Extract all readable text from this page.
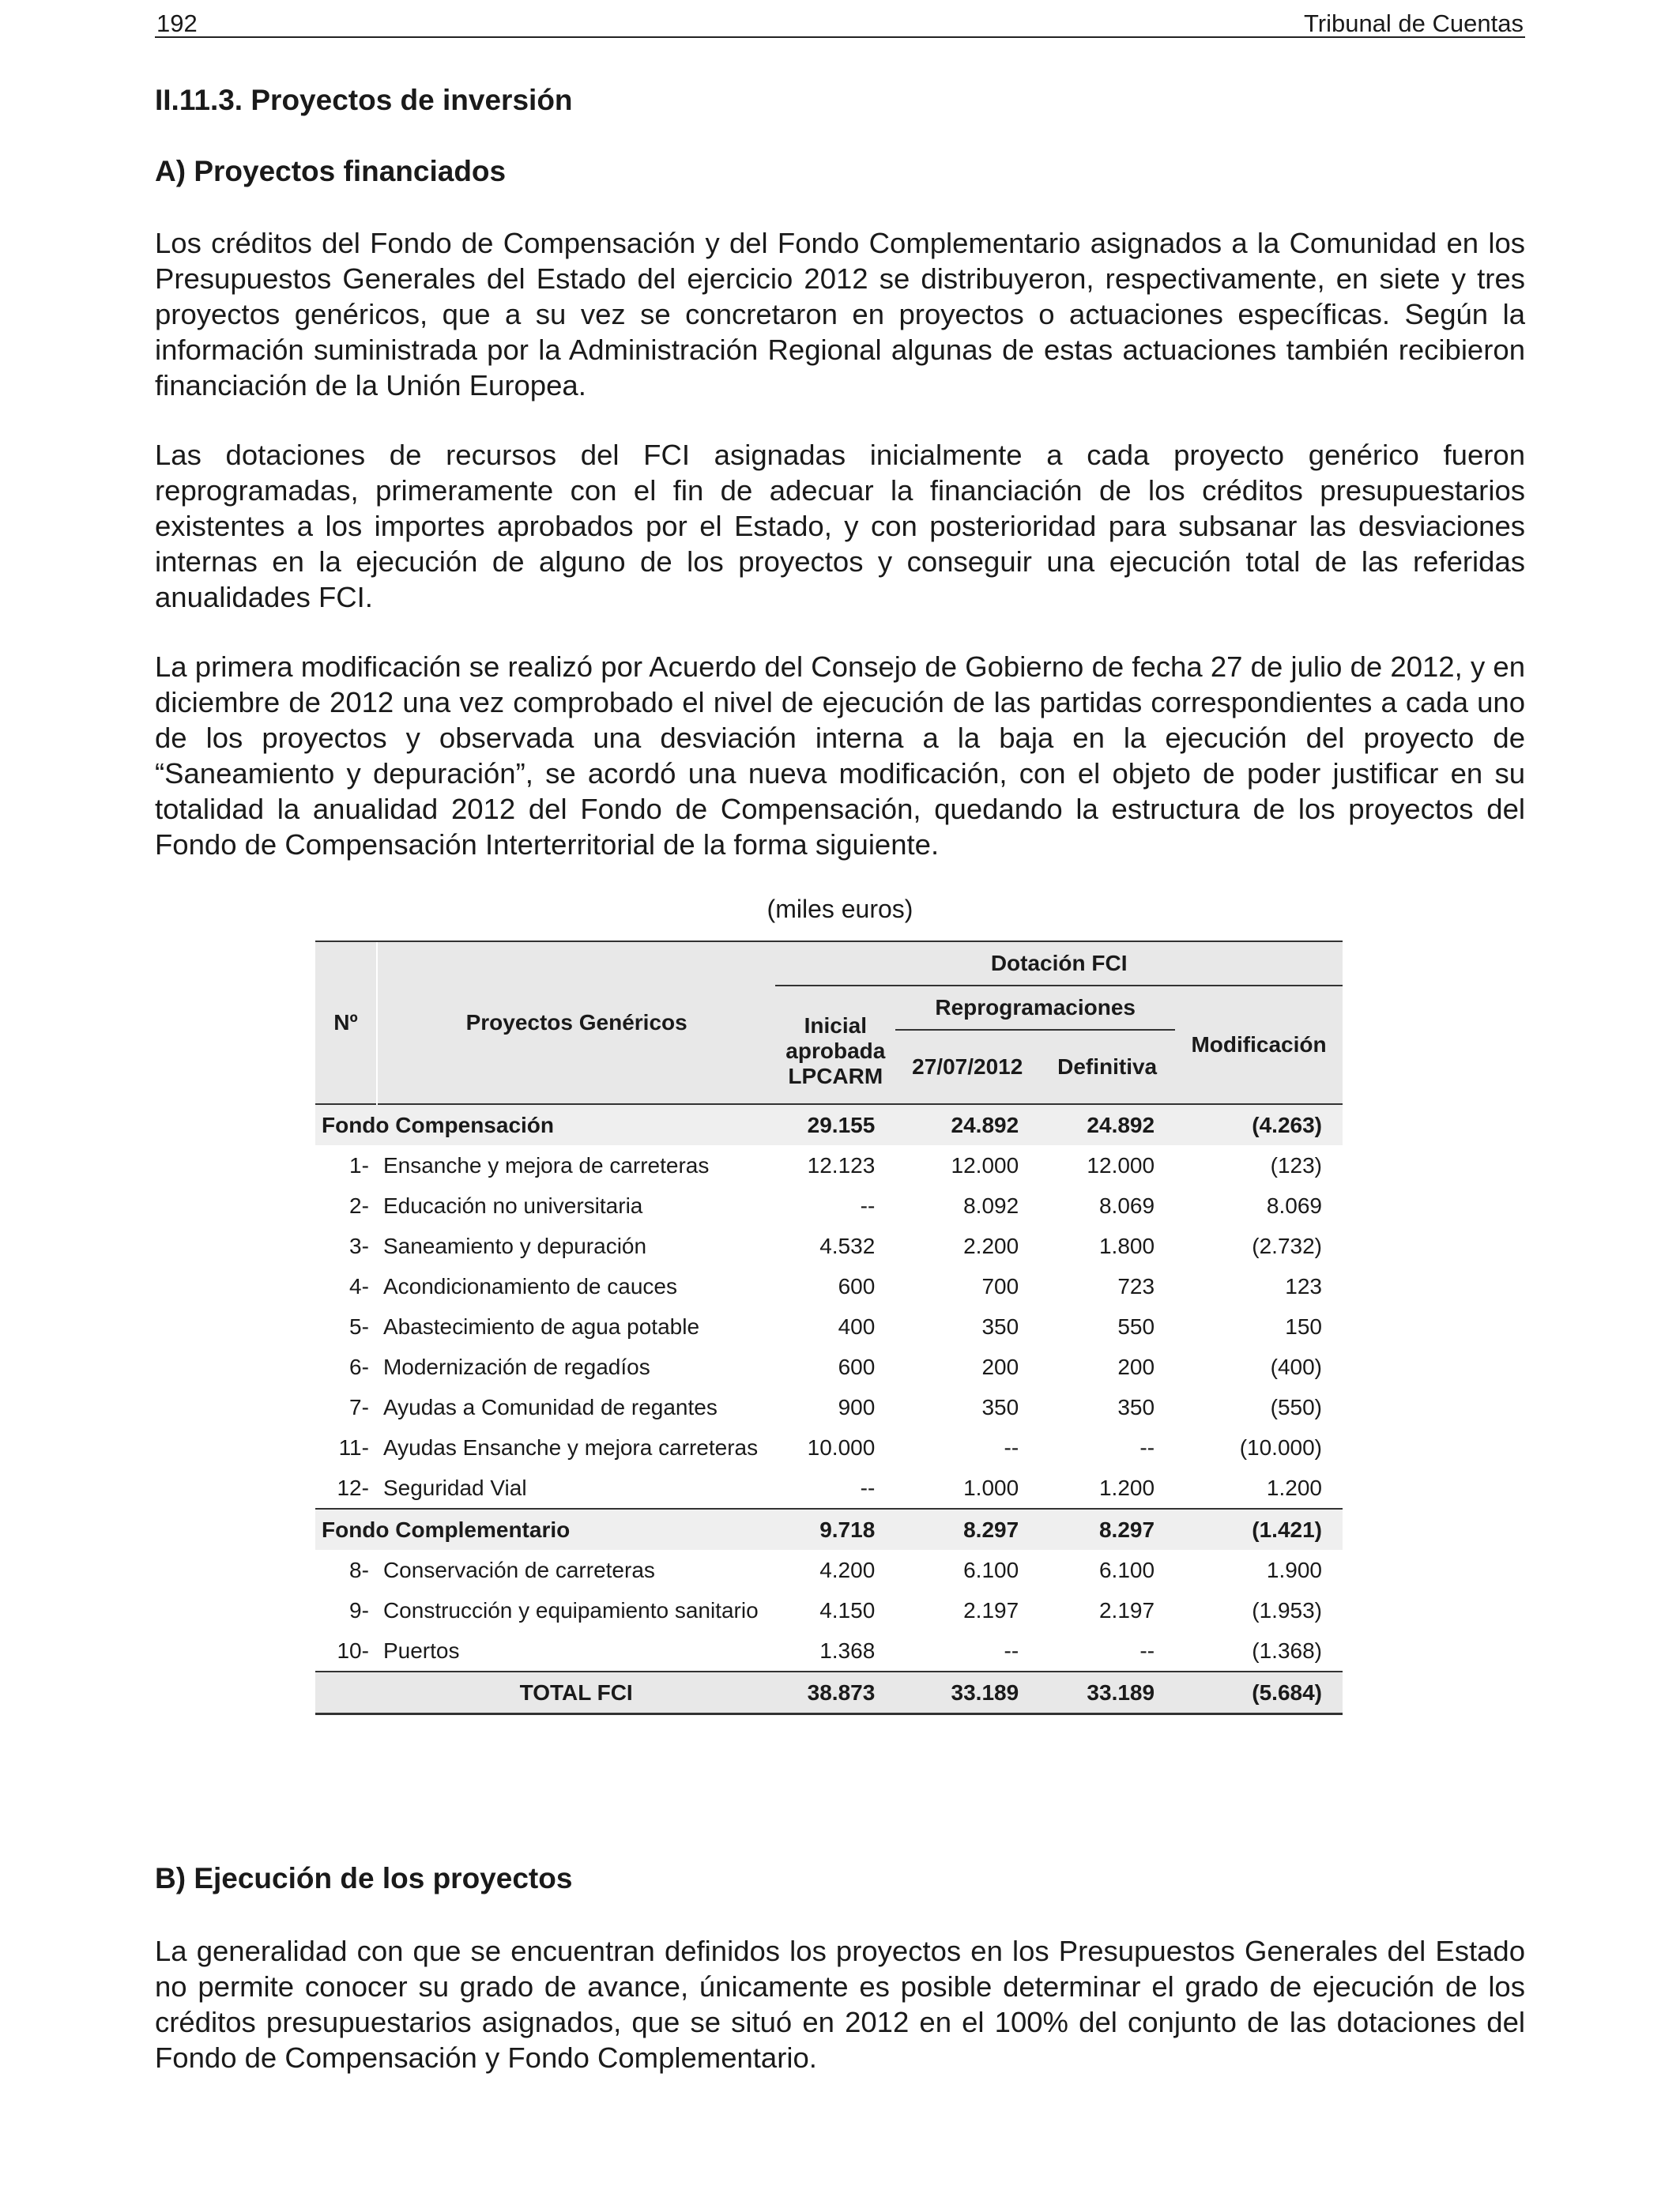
192	Tribunal de Cuentas
II.11.3. Proyectos de inversión
A) Proyectos financiados

Los créditos del Fondo de Compensación y del Fondo Complementario asignados a la Comunidad en los Presupuestos Generales del Estado del ejercicio 2012 se distribuyeron, respectivamente, en siete y tres proyectos genéricos, que a su vez se concretaron en proyectos o actuaciones específicas. Según la información suministrada por la Administración Regional algunas de estas actuaciones también recibieron financiación de la Unión Europea.

Las dotaciones de recursos del FCI asignadas inicialmente a cada proyecto genérico fueron reprogramadas, primeramente con el fin de adecuar la financiación de los créditos presupuestarios existentes a los importes aprobados por el Estado, y con posterioridad para subsanar las desviaciones internas en la ejecución de alguno de los proyectos y conseguir una ejecución total de las referidas anualidades FCI.

La primera modificación se realizó por Acuerdo del Consejo de Gobierno de fecha 27 de julio de 2012, y en diciembre de 2012 una vez comprobado el nivel de ejecución de las partidas correspondientes a cada uno de los proyectos y observada una desviación interna a la baja en la ejecución del proyecto de “Saneamiento y depuración”, se acordó una nueva modificación, con el objeto de poder justificar en su totalidad la anualidad 2012 del Fondo de Compensación, quedando la estructura de los proyectos del Fondo de Compensación Interterritorial de la forma siguiente.

(miles euros)
Nº	Proyectos Genéricos	Dotación FCI			
		Inicial aprobada LPCARM	Reprogramaciones		Modificación
			27/07/2012	Definitiva	
Fondo Compensación		29.155	24.892	24.892	(4.263)
1-	Ensanche y mejora de carreteras	12.123	12.000	12.000	(123)
2-	Educación no universitaria	--	8.092	8.069	8.069
3-	Saneamiento y depuración	4.532	2.200	1.800	(2.732)
4-	Acondicionamiento de cauces	600	700	723	123
5-	Abastecimiento de agua potable	400	350	550	150
6-	Modernización de regadíos	600	200	200	(400)
7-	Ayudas a Comunidad de regantes	900	350	350	(550)
11-	Ayudas Ensanche y mejora carreteras	10.000	--	--	(10.000)
12-	Seguridad Vial	--	1.000	1.200	1.200
Fondo Complementario		9.718	8.297	8.297	(1.421)
8-	Conservación de carreteras	4.200	6.100	6.100	1.900
9-	Construcción y equipamiento sanitario	4.150	2.197	2.197	(1.953)
10-	Puertos	1.368	--	--	(1.368)
	TOTAL FCI	38.873	33.189	33.189	(5.684)
B) Ejecución de los proyectos

La generalidad con que se encuentran definidos los proyectos en los Presupuestos Generales del Estado no permite conocer su grado de avance, únicamente es posible determinar el grado de ejecución de los créditos presupuestarios asignados, que se situó en 2012 en el 100% del conjunto de las dotaciones del Fondo de Compensación y Fondo Complementario.
